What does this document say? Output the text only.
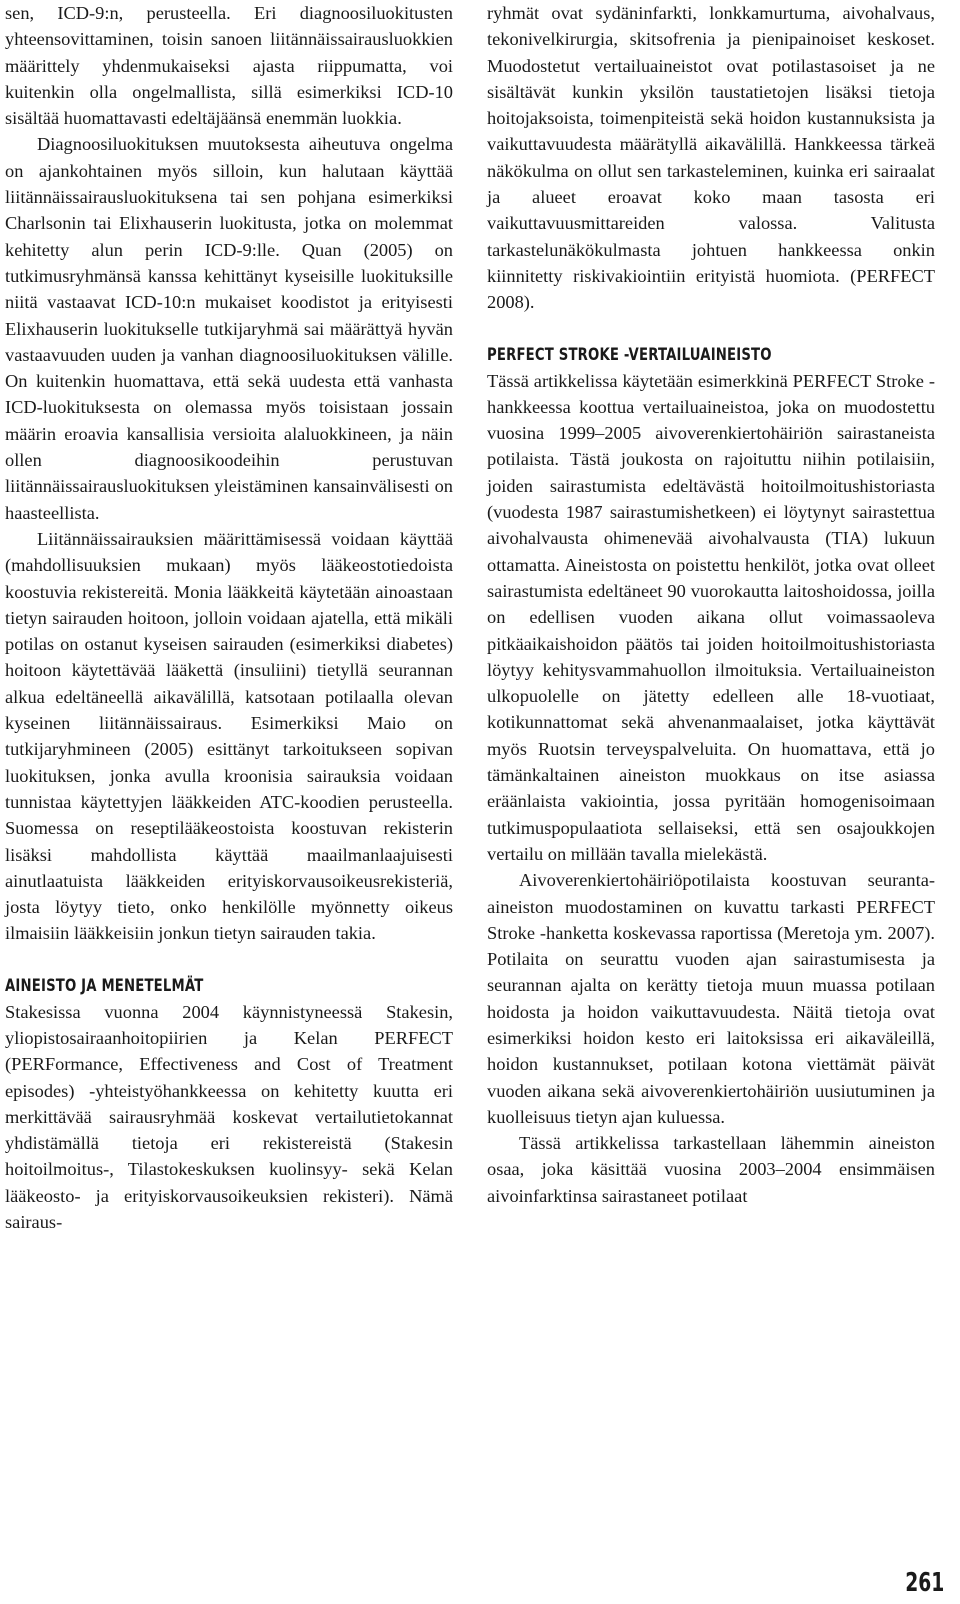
sen, ICD-9:n, perusteella. Eri diagnoosiluokitusten yhteensovittaminen, toisin sanoen liitännäissairausluokkien määrittely yhdenmukaiseksi ajasta riippumatta, voi kuitenkin olla ongelmallista, sillä esimerkiksi ICD-10 sisältää huomattavasti edeltäjäänsä enemmän luokkia.

Diagnoosiluokituksen muutoksesta aiheutuva ongelma on ajankohtainen myös silloin, kun halutaan käyttää liitännäissairausluokituksena tai sen pohjana esimerkiksi Charlsonin tai Elixhauserin luokitusta, jotka on molemmat kehitetty alun perin ICD-9:lle. Quan (2005) on tutkimusryhmänsä kanssa kehittänyt kyseisille luokituksille niitä vastaavat ICD-10:n mukaiset koodistot ja erityisesti Elixhauserin luokitukselle tutkijaryhmä sai määrättyä hyvän vastaavuuden uuden ja vanhan diagnoosiluokituksen välille. On kuitenkin huomattava, että sekä uudesta että vanhasta ICD-luokituksesta on olemassa myös toisistaan jossain määrin eroavia kansallisia versioita alaluokkineen, ja näin ollen diagnoosikoodeihin perustuvan liitännäissairausluokituksen yleistäminen kansainvälisesti on haasteellista.

Liitännäissairauksien määrittämisessä voidaan käyttää (mahdollisuuksien mukaan) myös lääkeostotiedoista koostuvia rekistereitä. Monia lääkkeitä käytetään ainoastaan tietyn sairauden hoitoon, jolloin voidaan ajatella, että mikäli potilas on ostanut kyseisen sairauden (esimerkiksi diabetes) hoitoon käytettävää lääkettä (insuliini) tietyllä seurannan alkua edeltäneellä aikavälillä, katsotaan potilaalla olevan kyseinen liitännäissairaus. Esimerkiksi Maio on tutkijaryhmineen (2005) esittänyt tarkoitukseen sopivan luokituksen, jonka avulla kroonisia sairauksia voidaan tunnistaa käytettyjen lääkkeiden ATC-koodien perusteella. Suomessa on reseptilääkeostoista koostuvan rekisterin lisäksi mahdollista käyttää maailmanlaajuisesti ainutlaatuista lääkkeiden erityiskorvausoikeusrekisteriä, josta löytyy tieto, onko henkilölle myönnetty oikeus ilmaisiin lääkkeisiin jonkun tietyn sairauden takia.

AINEISTO JA MENETELMÄT

Stakesissa vuonna 2004 käynnistyneessä Stakesin, yliopistosairaanhoitopiirien ja Kelan PERFECT (PERFormance, Effectiveness and Cost of Treatment episodes) -yhteistyöhankkeessa on kehitetty kuutta eri merkittävää sairausryhmää koskevat vertailutietokannat yhdistämällä tietoja eri rekistereistä (Stakesin hoitoilmoitus-, Tilastokeskuksen kuolinsyy- sekä Kelan lääkeosto- ja erityiskorvausoikeuksien rekisteri). Nämä sairaus-

ryhmät ovat sydäninfarkti, lonkkamurtuma, aivohalvaus, tekonivelkirurgia, skitsofrenia ja pienipainoiset keskoset. Muodostetut vertailuaineistot ovat potilastasoiset ja ne sisältävät kunkin yksilön taustatietojen lisäksi tietoja hoitojaksoista, toimenpiteistä sekä hoidon kustannuksista ja vaikuttavuudesta määrätyllä aikavälillä. Hankkeessa tärkeä näkökulma on ollut sen tarkasteleminen, kuinka eri sairaalat ja alueet eroavat koko maan tasosta eri vaikuttavuusmittareiden valossa. Valitusta tarkastelunäkökulmasta johtuen hankkeessa onkin kiinnitetty riskivakiointiin erityistä huomiota. (PERFECT 2008).

PERFECT STROKE -VERTAILUAINEISTO

Tässä artikkelissa käytetään esimerkkinä PERFECT Stroke -hankkeessa koottua vertailuaineistoa, joka on muodostettu vuosina 1999–2005 aivoverenkiertohäiriön sairastaneista potilaista. Tästä joukosta on rajoituttu niihin potilaisiin, joiden sairastumista edeltävästä hoitoilmoitushistoriasta (vuodesta 1987 sairastumishetkeen) ei löytynyt sairastettua aivohalvausta ohimenevää aivohalvausta (TIA) lukuun ottamatta. Aineistosta on poistettu henkilöt, jotka ovat olleet sairastumista edeltäneet 90 vuorokautta laitoshoidossa, joilla on edellisen vuoden aikana ollut voimassaoleva pitkäaikaishoidon päätös tai joiden hoitoilmoitushistoriasta löytyy kehitysvammahuollon ilmoituksia. Vertailuaineiston ulkopuolelle on jätetty edelleen alle 18-vuotiaat, kotikunnattomat sekä ahvenanmaalaiset, jotka käyttävät myös Ruotsin terveyspalveluita. On huomattava, että jo tämänkaltainen aineiston muokkaus on itse asiassa eräänlaista vakiointia, jossa pyritään homogenisoimaan tutkimuspopulaatiota sellaiseksi, että sen osajoukkojen vertailu on millään tavalla mielekästä.

Aivoverenkiertohäiriöpotilaista koostuvan seuranta-aineiston muodostaminen on kuvattu tarkasti PERFECT Stroke -hanketta koskevassa raportissa (Meretoja ym. 2007). Potilaita on seurattu vuoden ajan sairastumisesta ja seurannan ajalta on kerätty tietoja muun muassa potilaan hoidosta ja hoidon vaikuttavuudesta. Näitä tietoja ovat esimerkiksi hoidon kesto eri laitoksissa eri aikaväleillä, hoidon kustannukset, potilaan kotona viettämät päivät vuoden aikana sekä aivoverenkiertohäiriön uusiutuminen ja kuolleisuus tietyn ajan kuluessa.

Tässä artikkelissa tarkastellaan lähemmin aineiston osaa, joka käsittää vuosina 2003–2004 ensimmäisen aivoinfarktinsa sairastaneet potilaat

261
